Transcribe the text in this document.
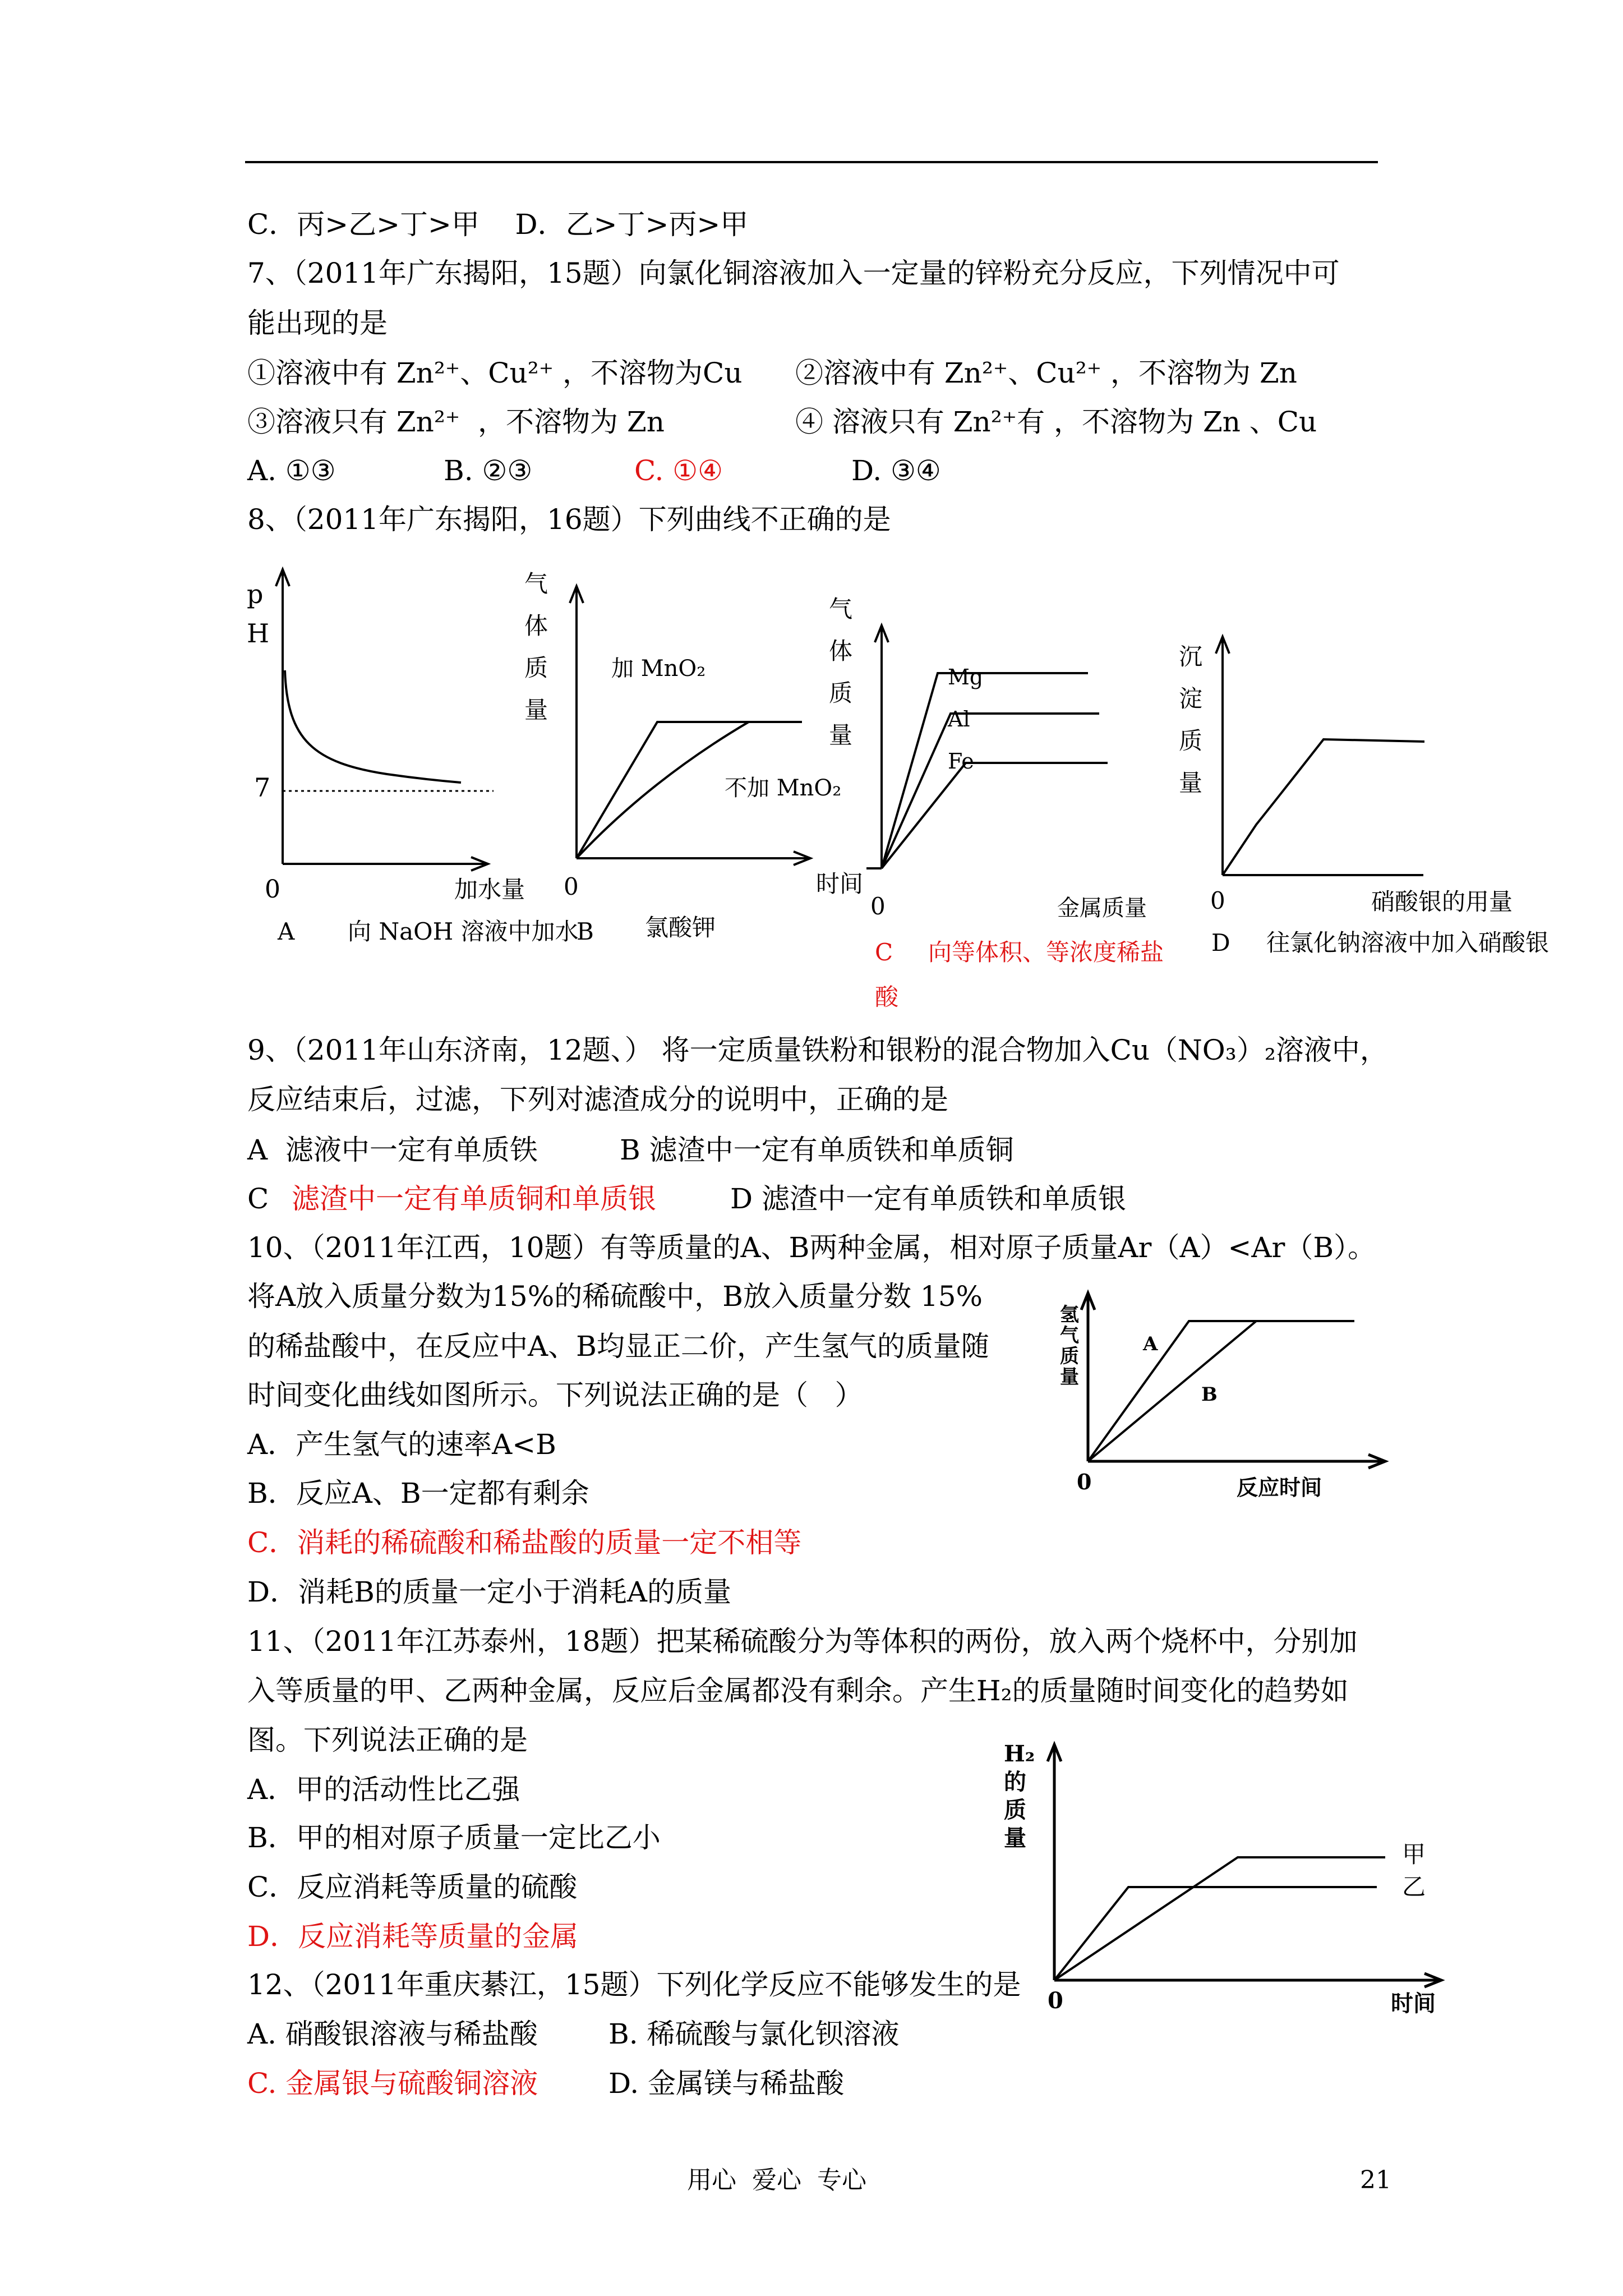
C．丙>乙>丁>甲    D．乙>丁>丙>甲
7、（2011年广东揭阳，15题）向氯化铜溶液加入一定量的锌粉充分反应，下列情况中可
能出现的是
①溶液中有 Zn²⁺、Cu²⁺ ，不溶物为Cu ②溶液中有 Zn²⁺、Cu²⁺ ，不溶物为 Zn
③溶液只有 Zn²⁺  ，不溶物为 Zn	④ 溶液只有 Zn²⁺有 ，不溶物为 Zn 、Cu
A. ①③	B. ②③	C. ①④	D. ③④
8、（2011年广东揭阳，16题）下列曲线不正确的是
p
H
7
0	加水量
A 向 NaOH 溶液中加水
气
体
质
量
加 MnO₂
不加 MnO₂
0	时间
B 氯酸钾
气
体
质
量
Mg
Al
Fe
0	金属质量
沉
淀
质
量
0	硝酸银的用量
D 往氯化钠溶液中加入硝酸银
C 向等体积、等浓度稀盐
酸
9、（2011年山东济南，12题、） 将一定质量铁粉和银粉的混合物加入Cu（NO₃）₂溶液中，
反应结束后，过滤，下列对滤渣成分的说明中，正确的是
A  滤液中一定有单质铁	B 滤渣中一定有单质铁和单质铜
C 滤渣中一定有单质铜和单质银	D 滤渣中一定有单质铁和单质银
10、（2011年江西，10题）有等质量的A、B两种金属，相对原子质量Ar（A）<Ar（B）。
将A放入质量分数为15%的稀硫酸中，B放入质量分数 15%
的稀盐酸中，在反应中A、B均显正二价，产生氢气的质量随
时间变化曲线如图所示。下列说法正确的是（   ）
A．产生氢气的速率A<B
B．反应A、B一定都有剩余
C．消耗的稀硫酸和稀盐酸的质量一定不相等
D．消耗B的质量一定小于消耗A的质量
氢
气
质
量
A
B
0	反应时间
11、（2011年江苏泰州，18题）把某稀硫酸分为等体积的两份，放入两个烧杯中，分别加
入等质量的甲、乙两种金属，反应后金属都没有剩余。产生H₂的质量随时间变化的趋势如
图。下列说法正确的是
A．甲的活动性比乙强
B．甲的相对原子质量一定比乙小
C．反应消耗等质量的硫酸
D．反应消耗等质量的金属
H₂
的
质
量
甲
乙
0	时间
12、（2011年重庆綦江，15题）下列化学反应不能够发生的是
A. 硝酸银溶液与稀盐酸	B. 稀硫酸与氯化钡溶液
C. 金属银与硫酸铜溶液	D. 金属镁与稀盐酸
用心  爱心  专心	21
